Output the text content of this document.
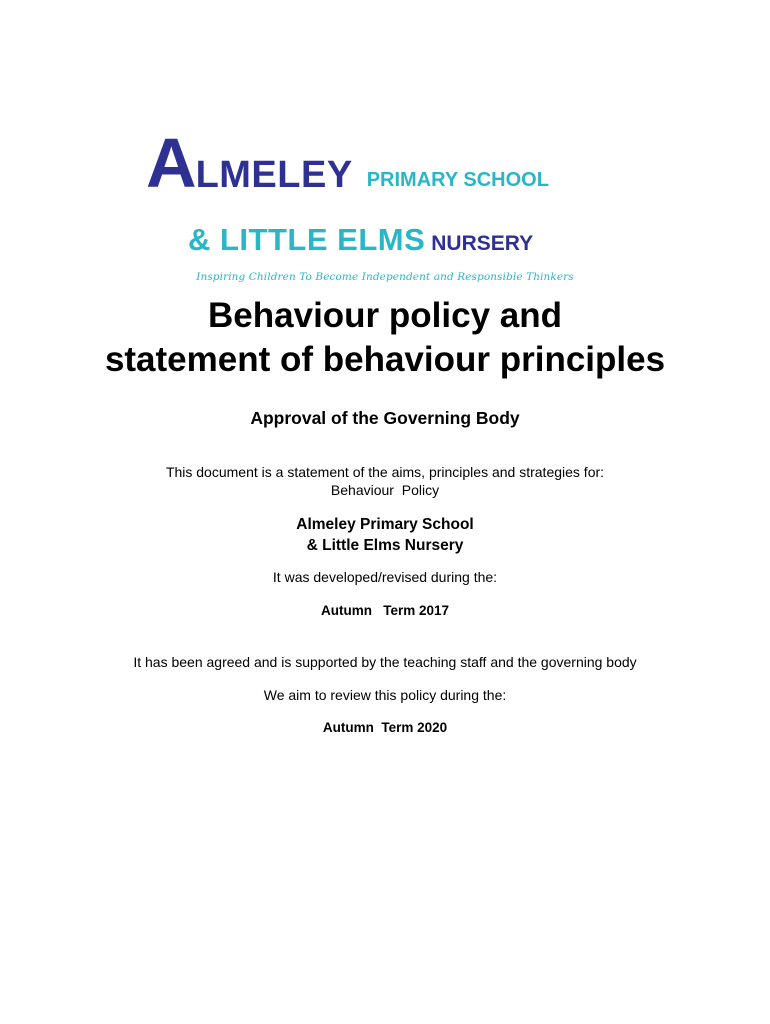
ALMELEY PRIMARY SCHOOL
& LITTLE ELMS NURSERY
Inspiring Children To Become Independent and Responsible Thinkers
Behaviour policy and
statement of behaviour principles
Approval of the Governing Body
This document is a statement of the aims, principles and strategies for:
Behaviour  Policy
Almeley Primary School
& Little Elms Nursery
It was developed/revised during the:
Autumn   Term 2017
It has been agreed and is supported by the teaching staff and the governing body
We aim to review this policy during the:
Autumn  Term 2020
